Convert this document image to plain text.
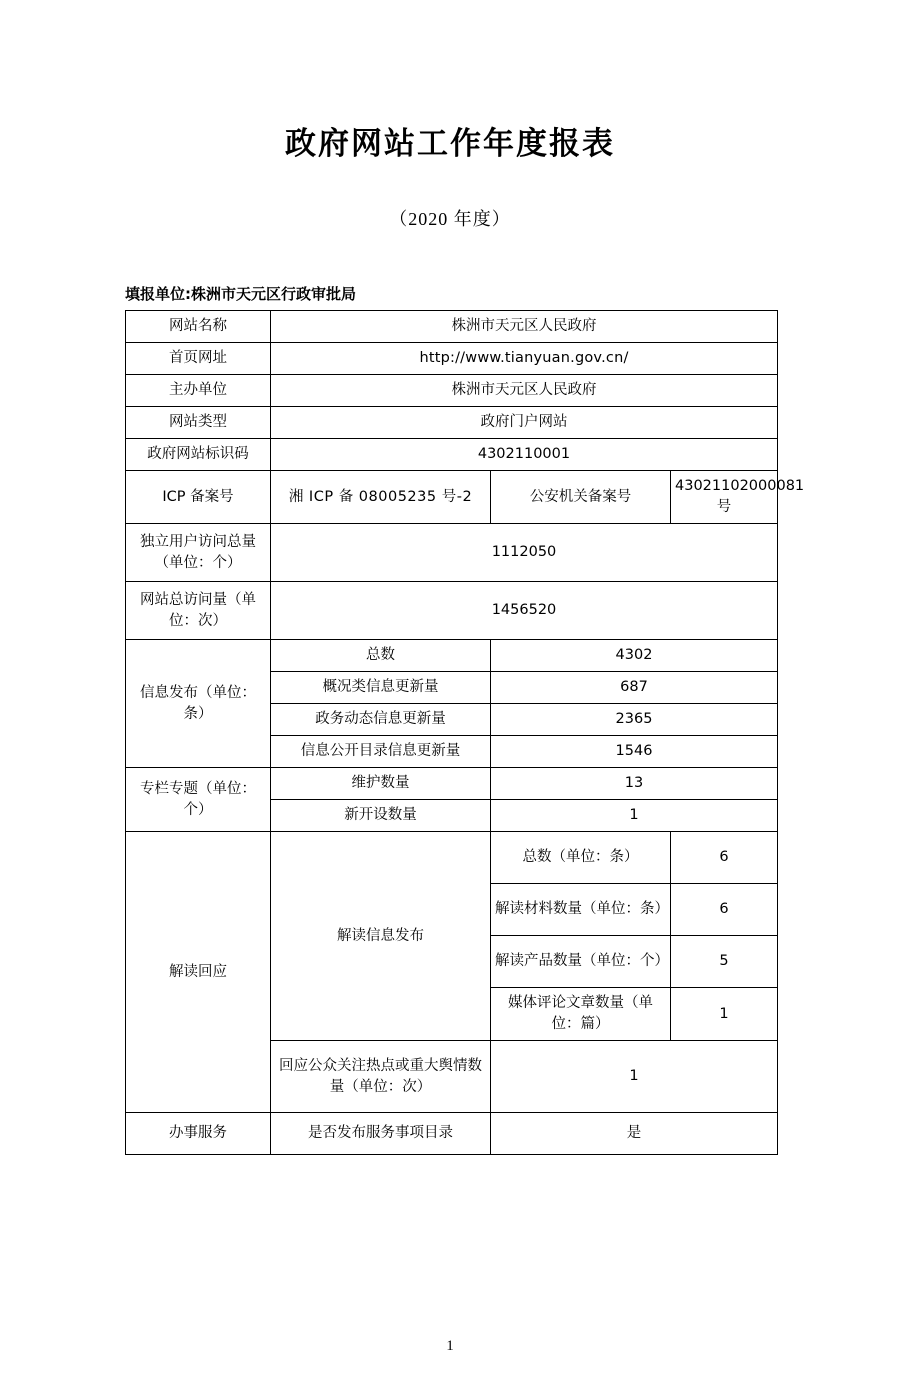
政府网站工作年度报表
（2020 年度）
填报单位:株洲市天元区行政审批局
网站名称	株洲市天元区人民政府		
首页网址	http://www.tianyuan.gov.cn/		
主办单位	株洲市天元区人民政府		
网站类型	政府门户网站		
政府网站标识码	4302110001		
ICP 备案号	湘 ICP 备 08005235 号-2	公安机关备案号	43021102000081 号
独立用户访问总量（单位：个）	1112050		
网站总访问量（单位：次）	1456520		
信息发布（单位：条）	总数	4302	
	概况类信息更新量	687	
	政务动态信息更新量	2365	
	信息公开目录信息更新量	1546	
专栏专题（单位：个）	维护数量	13	
	新开设数量	1	
解读回应	解读信息发布	总数（单位：条）	6
		解读材料数量（单位：条）	6
		解读产品数量（单位：个）	5
		媒体评论文章数量（单位：篇）	1
	回应公众关注热点或重大舆情数量（单位：次）	1	
办事服务	是否发布服务事项目录	是	
1
